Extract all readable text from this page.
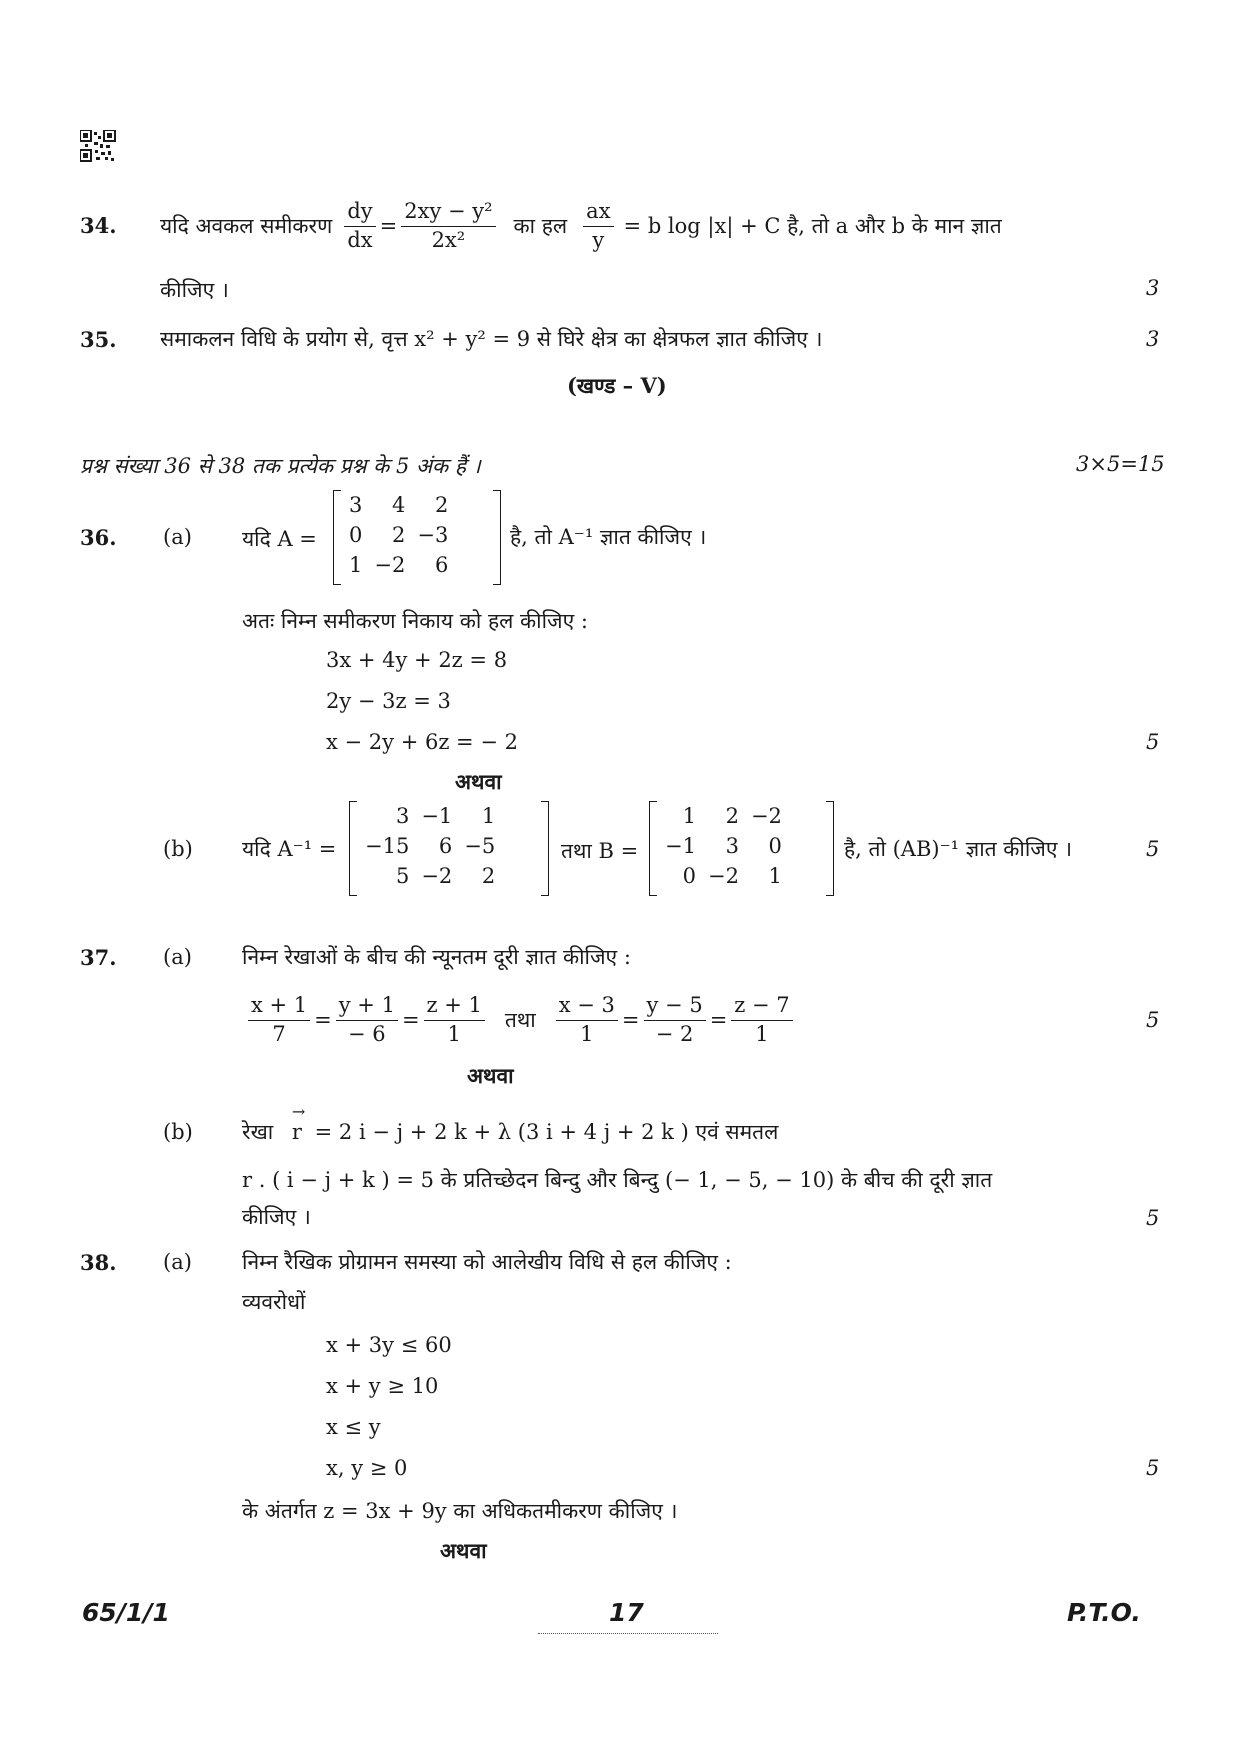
34. यदि अवकल समीकरण $\frac{dy}{dx} = \frac{\text{2xy − y²}}{\text{2x²}}$ का हल $\frac{ax}{y} = b$ log |x| + C है, तो a और b के मान ज्ञात
कीजिए ।	3
35. समाकलन विधि के प्रयोग से, वृत्त x² + y² = 9 से घिरे क्षेत्र का क्षेत्रफल ज्ञात कीजिए ।	3
(खण्ड – V)
प्रश्न संख्या 36 से 38 तक प्रत्येक प्रश्न के 5 अंक हैं ।	3×5=15
36. (a) यदि A =
3	4	2
0	2	−3
1	−2	6
है, तो A⁻¹ ज्ञात कीजिए ।
अतः निम्न समीकरण निकाय को हल कीजिए :
3x + 4y + 2z = 8
2y − 3z = 3
x − 2y + 6z = − 2	5
अथवा
(b) यदि A⁻¹ =
3	−1	1
−15	6	−5
5	−2	2
तथा B =
1	2	−2
−1	3	0
0	−2	1
है, तो (AB)⁻¹ ज्ञात कीजिए ।	5
37. (a) निम्न रेखाओं के बीच की न्यूनतम दूरी ज्ञात कीजिए :
$\frac{x + 1}{7} = \frac{y + 1}{- 6} = \frac{z + 1}{1}$ तथा $\frac{x - 3}{1} = \frac{y - 5}{- 2} = \frac{z - 7}{1}$	5
अथवा
(b) रेखा → r = 2 i − j + 2 k + λ (3 i + 4 j + 2 k ) एवं समतल
r . ( i − j + k ) = 5 के प्रतिच्छेदन बिन्दु और बिन्दु (− 1, − 5, − 10) के बीच की दूरी ज्ञात
कीजिए ।	5
38. (a) निम्न रैखिक प्रोग्रामन समस्या को आलेखीय विधि से हल कीजिए :
व्यवरोधों
x + 3y ≤ 60
x + y ≥ 10
x ≤ y
x, y ≥ 0	5
के अंतर्गत z = 3x + 9y का अधिकतमीकरण कीजिए ।
अथवा
65/1/1	17	P.T.O.
